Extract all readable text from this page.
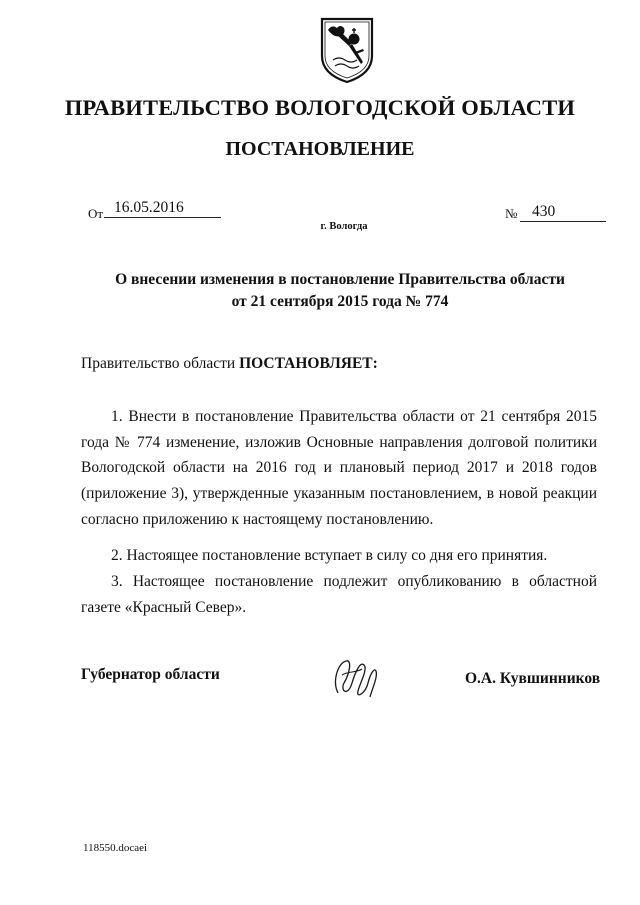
ПРАВИТЕЛЬСТВО ВОЛОГОДСКОЙ ОБЛАСТИ
ПОСТАНОВЛЕНИЕ
От 16.05.2016	№ 430
г. Вологда
О внесении изменения в постановление Правительства области
от 21 сентября 2015 года № 774
Правительство области ПОСТАНОВЛЯЕТ:
1. Внести в постановление Правительства области от 21 сентября 2015 года № 774 изменение, изложив Основные направления долговой политики Вологодской области на 2016 год и плановый период 2017 и 2018 годов (приложение 3), утвержденные указанным постановлением, в новой реакции согласно приложению к настоящему постановлению.
2. Настоящее постановление вступает в силу со дня его принятия.
3. Настоящее постановление подлежит опубликованию в областной газете «Красный Север».
Губернатор области	О.А. Кувшинников
118550.docaei
